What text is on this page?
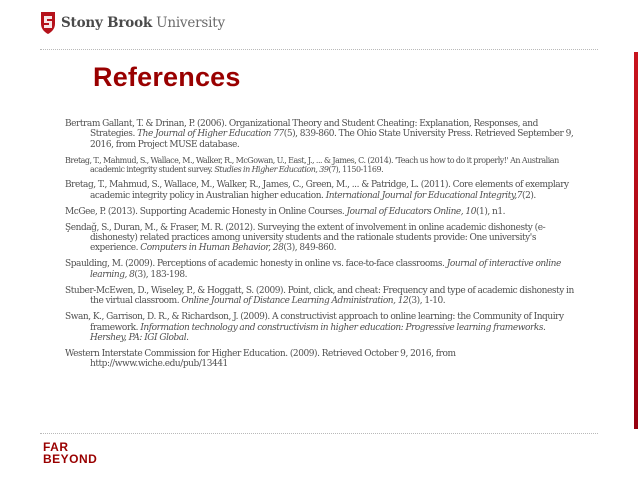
Stony Brook University
References

Bertram Gallant, T. & Drinan, P. (2006). Organizational Theory and Student Cheating: Explanation, Responses, and Strategies. The Journal of Higher Education 77(5), 839-860. The Ohio State University Press. Retrieved September 9, 2016, from Project MUSE database.

Bretag, T., Mahmud, S., Wallace, M., Walker, R., McGowan, U., East, J., ... & James, C. (2014). 'Teach us how to do it properly!' An Australian academic integrity student survey. Studies in Higher Education, 39(7), 1150-1169.

Bretag, T., Mahmud, S., Wallace, M., Walker, R., James, C., Green, M., ... & Patridge, L. (2011). Core elements of exemplary academic integrity policy in Australian higher education. International Journal for Educational Integrity,7(2).

McGee, P. (2013). Supporting Academic Honesty in Online Courses. Journal of Educators Online, 10(1), n1.

Şendağ, S., Duran, M., & Fraser, M. R. (2012). Surveying the extent of involvement in online academic dishonesty (e-dishonesty) related practices among university students and the rationale students provide: One university's experience. Computers in Human Behavior, 28(3), 849-860.

Spaulding, M. (2009). Perceptions of academic honesty in online vs. face-to-face classrooms. Journal of interactive online learning, 8(3), 183-198.

Stuber-McEwen, D., Wiseley, P., & Hoggatt, S. (2009). Point, click, and cheat: Frequency and type of academic dishonesty in the virtual classroom. Online Journal of Distance Learning Administration, 12(3), 1-10.

Swan, K., Garrison, D. R., & Richardson, J. (2009). A constructivist approach to online learning: the Community of Inquiry framework. Information technology and constructivism in higher education: Progressive learning frameworks. Hershey, PA: IGI Global.

Western Interstate Commission for Higher Education. (2009). Retrieved October 9, 2016, from http://www.wiche.edu/pub/13441

FAR
BEYOND
